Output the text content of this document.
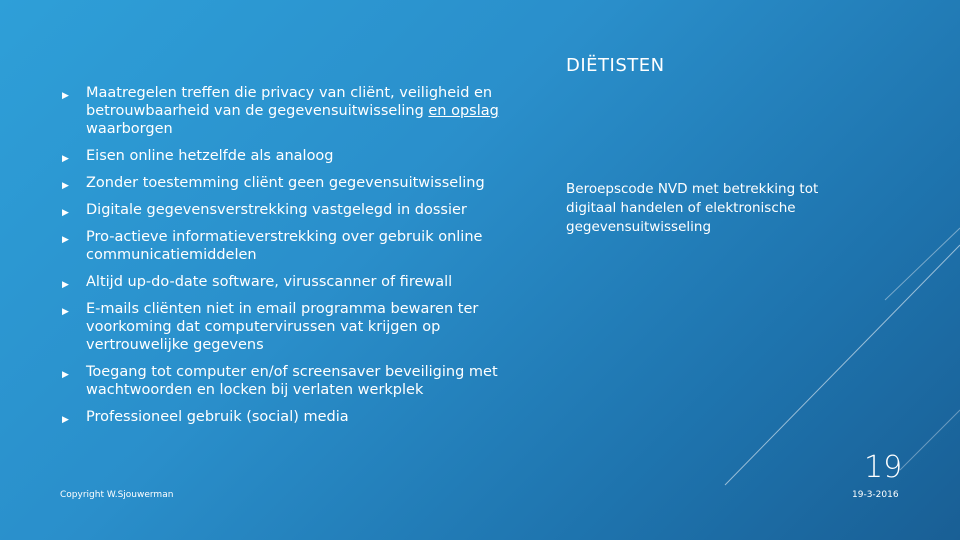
DIËTISTEN
▶ Maatregelen treffen die privacy van cliënt, veiligheid en betrouwbaarheid van de gegevensuitwisseling en opslag waarborgen
▶ Eisen online hetzelfde als analoog
▶ Zonder toestemming cliënt geen gegevensuitwisseling
▶ Digitale gegevensverstrekking vastgelegd in dossier
▶ Pro-actieve informatieverstrekking over gebruik online communicatiemiddelen
▶ Altijd up-do-date software, virusscanner of firewall
▶ E-mails cliënten niet in email programma bewaren ter voorkoming dat computervirussen vat krijgen op vertrouwelijke gegevens
▶ Toegang tot computer en/of screensaver beveiliging met wachtwoorden en locken bij verlaten werkplek
▶ Professioneel gebruik (social) media
Beroepscode NVD met betrekking tot digitaal handelen of elektronische gegevensuitwisseling
19
Copyright W.Sjouwerman	19-3-2016
